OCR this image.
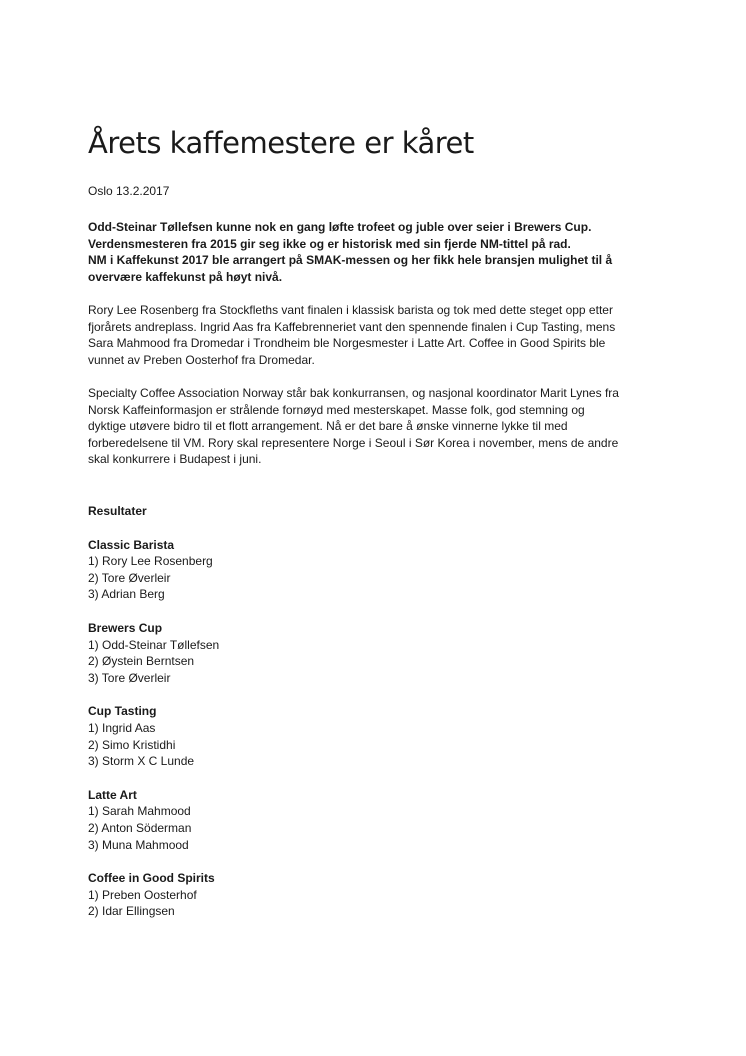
Årets kaffemestere er kåret
Oslo 13.2.2017

Odd-Steinar Tøllefsen kunne nok en gang løfte trofeet og juble over seier i Brewers Cup.
Verdensmesteren fra 2015 gir seg ikke og er historisk med sin fjerde NM-tittel på rad.
NM i Kaffekunst 2017 ble arrangert på SMAK-messen og her fikk hele bransjen mulighet til å
overvære kaffekunst på høyt nivå.

Rory Lee Rosenberg fra Stockfleths vant finalen i klassisk barista og tok med dette steget opp etter
fjorårets andreplass. Ingrid Aas fra Kaffebrenneriet vant den spennende finalen i Cup Tasting, mens
Sara Mahmood fra Dromedar i Trondheim ble Norgesmester i Latte Art. Coffee in Good Spirits ble
vunnet av Preben Oosterhof fra Dromedar.

Specialty Coffee Association Norway står bak konkurransen, og nasjonal koordinator Marit Lynes fra
Norsk Kaffeinformasjon er strålende fornøyd med mesterskapet. Masse folk, god stemning og
dyktige utøvere bidro til et flott arrangement. Nå er det bare å ønske vinnerne lykke til med
forberedelsene til VM. Rory skal representere Norge i Seoul i Sør Korea i november, mens de andre
skal konkurrere i Budapest i juni.

Resultater
Classic Barista
1) Rory Lee Rosenberg
2) Tore Øverleir
3) Adrian Berg
Brewers Cup
1) Odd-Steinar Tøllefsen
2) Øystein Berntsen
3) Tore Øverleir
Cup Tasting
1) Ingrid Aas
2) Simo Kristidhi
3) Storm X C Lunde
Latte Art
1) Sarah Mahmood
2) Anton Söderman
3) Muna Mahmood
Coffee in Good Spirits
1) Preben Oosterhof
2) Idar Ellingsen
